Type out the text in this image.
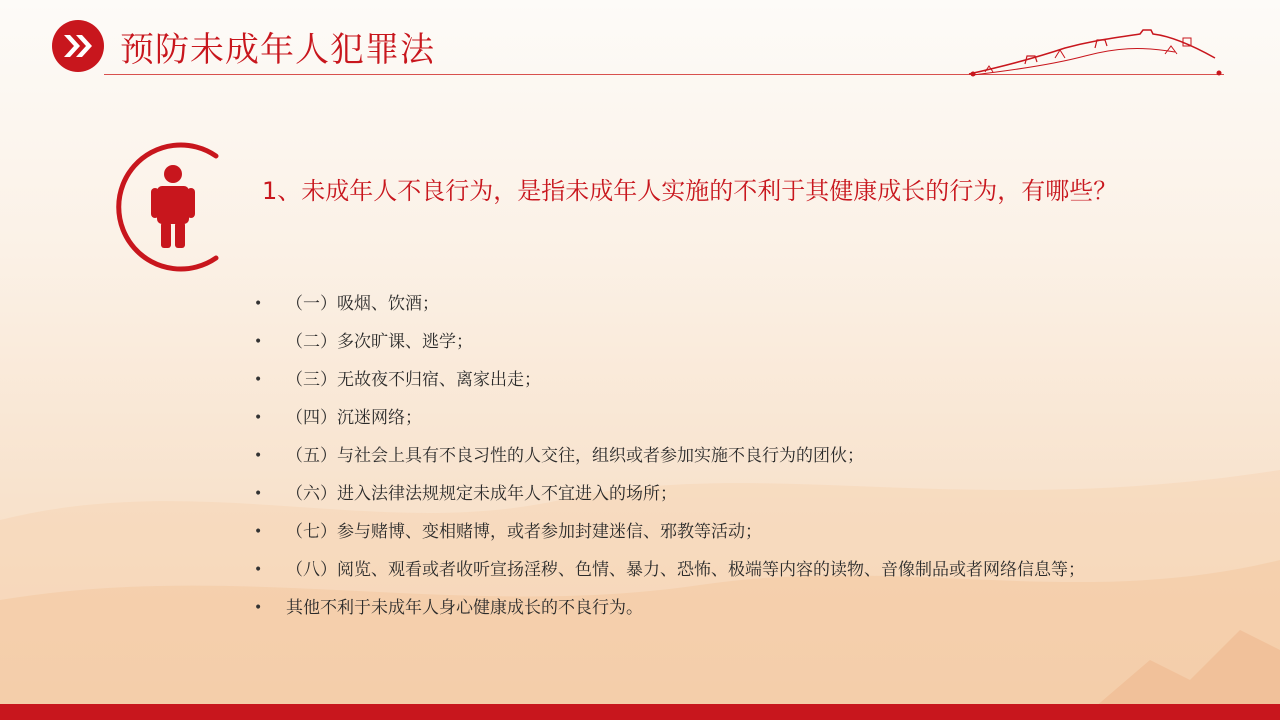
预防未成年人犯罪法

1、未成年人不良行为，是指未成年人实施的不利于其健康成长的行为，有哪些？

• （一）吸烟、饮酒；
• （二）多次旷课、逃学；
• （三）无故夜不归宿、离家出走；
• （四）沉迷网络；
• （五）与社会上具有不良习性的人交往，组织或者参加实施不良行为的团伙；
• （六）进入法律法规规定未成年人不宜进入的场所；
• （七）参与赌博、变相赌博，或者参加封建迷信、邪教等活动；
• （八）阅览、观看或者收听宣扬淫秽、色情、暴力、恐怖、极端等内容的读物、音像制品或者网络信息等；
• 其他不利于未成年人身心健康成长的不良行为。
